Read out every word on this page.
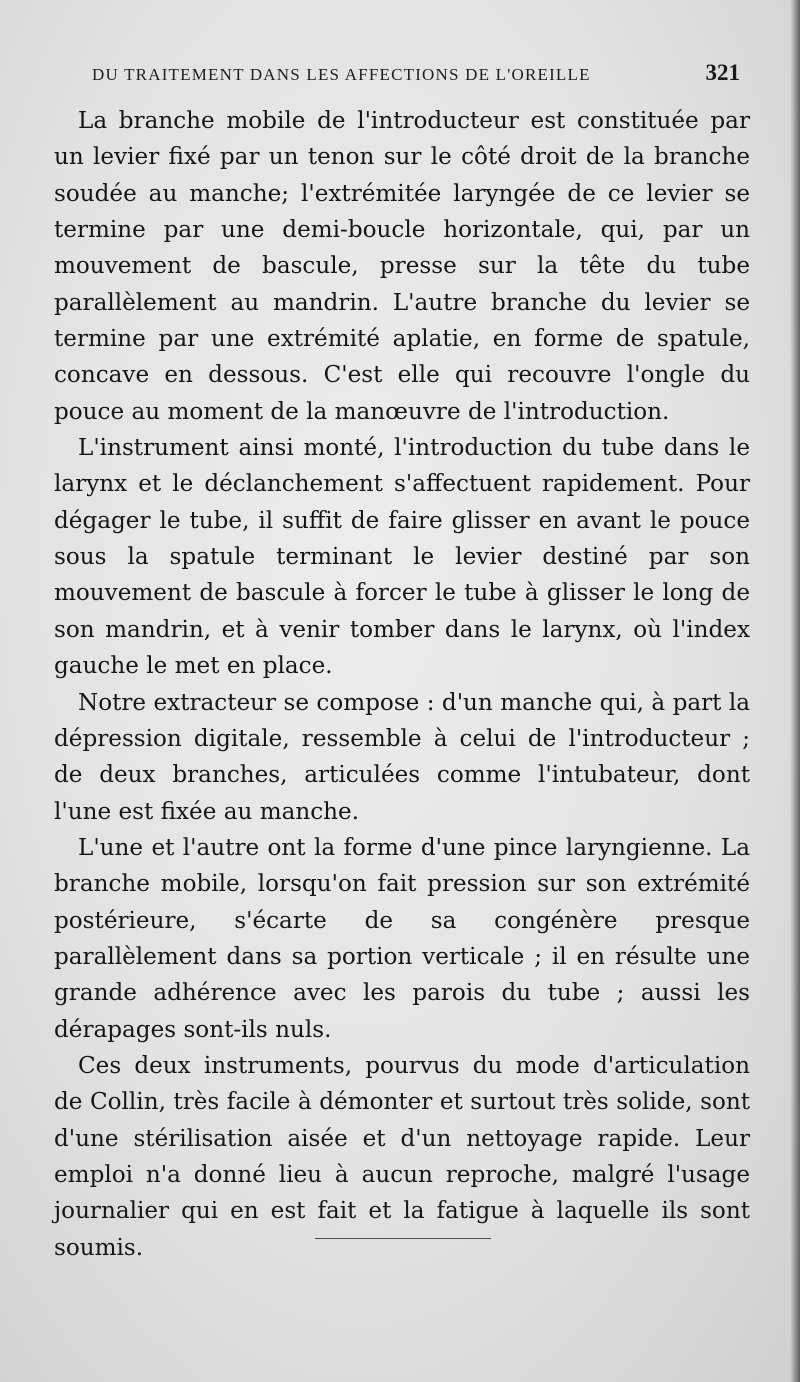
DU TRAITEMENT DANS LES AFFECTIONS DE L'OREILLE	321

La branche mobile de l'introducteur est constituée par un levier fixé par un tenon sur le côté droit de la branche soudée au manche; l'extrémitée laryngée de ce levier se termine par une demi-boucle horizontale, qui, par un mouvement de bascule, presse sur la tête du tube parallèlement au mandrin. L'autre branche du levier se termine par une extrémité aplatie, en forme de spatule, concave en dessous. C'est elle qui recouvre l'ongle du pouce au moment de la manœuvre de l'introduction.

L'instrument ainsi monté, l'introduction du tube dans le larynx et le déclanchement s'affectuent rapidement. Pour dégager le tube, il suffit de faire glisser en avant le pouce sous la spatule terminant le levier destiné par son mouvement de bascule à forcer le tube à glisser le long de son mandrin, et à venir tomber dans le larynx, où l'index gauche le met en place.

Notre extracteur se compose : d'un manche qui, à part la dépression digitale, ressemble à celui de l'introducteur ; de deux branches, articulées comme l'intubateur, dont l'une est fixée au manche.

L'une et l'autre ont la forme d'une pince laryngienne. La branche mobile, lorsqu'on fait pression sur son extrémité postérieure, s'écarte de sa congénère presque parallèlement dans sa portion verticale ; il en résulte une grande adhérence avec les parois du tube ; aussi les dérapages sont-ils nuls.

Ces deux instruments, pourvus du mode d'articulation de Collin, très facile à démonter et surtout très solide, sont d'une stérilisation aisée et d'un nettoyage rapide. Leur emploi n'a donné lieu à aucun reproche, malgré l'usage journalier qui en est fait et la fatigue à laquelle ils sont soumis.
